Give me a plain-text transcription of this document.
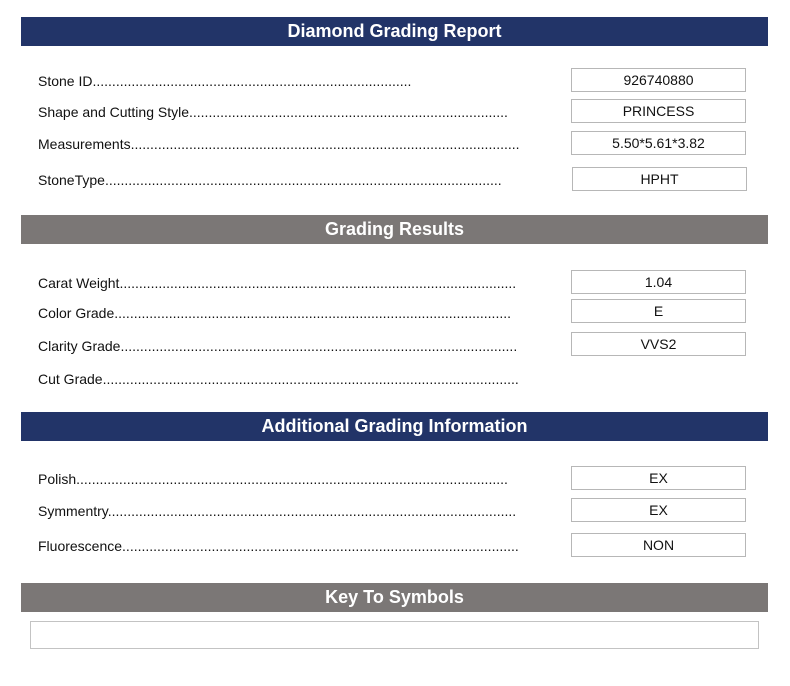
Diamond Grading Report
Stone ID..................................................................................	926740880
Shape and Cutting Style..................................................................................	PRINCESS
Measurements....................................................................................................	5.50*5.61*3.82
StoneType......................................................................................................	HPHT
Grading Results
Carat Weight......................................................................................................	1.04
Color Grade......................................................................................................	E
Clarity Grade......................................................................................................	VVS2
Cut Grade...........................................................................................................
Additional Grading Information
Polish...............................................................................................................	EX
Symmentry.........................................................................................................	EX
Fluorescence......................................................................................................	NON
Key To Symbols
